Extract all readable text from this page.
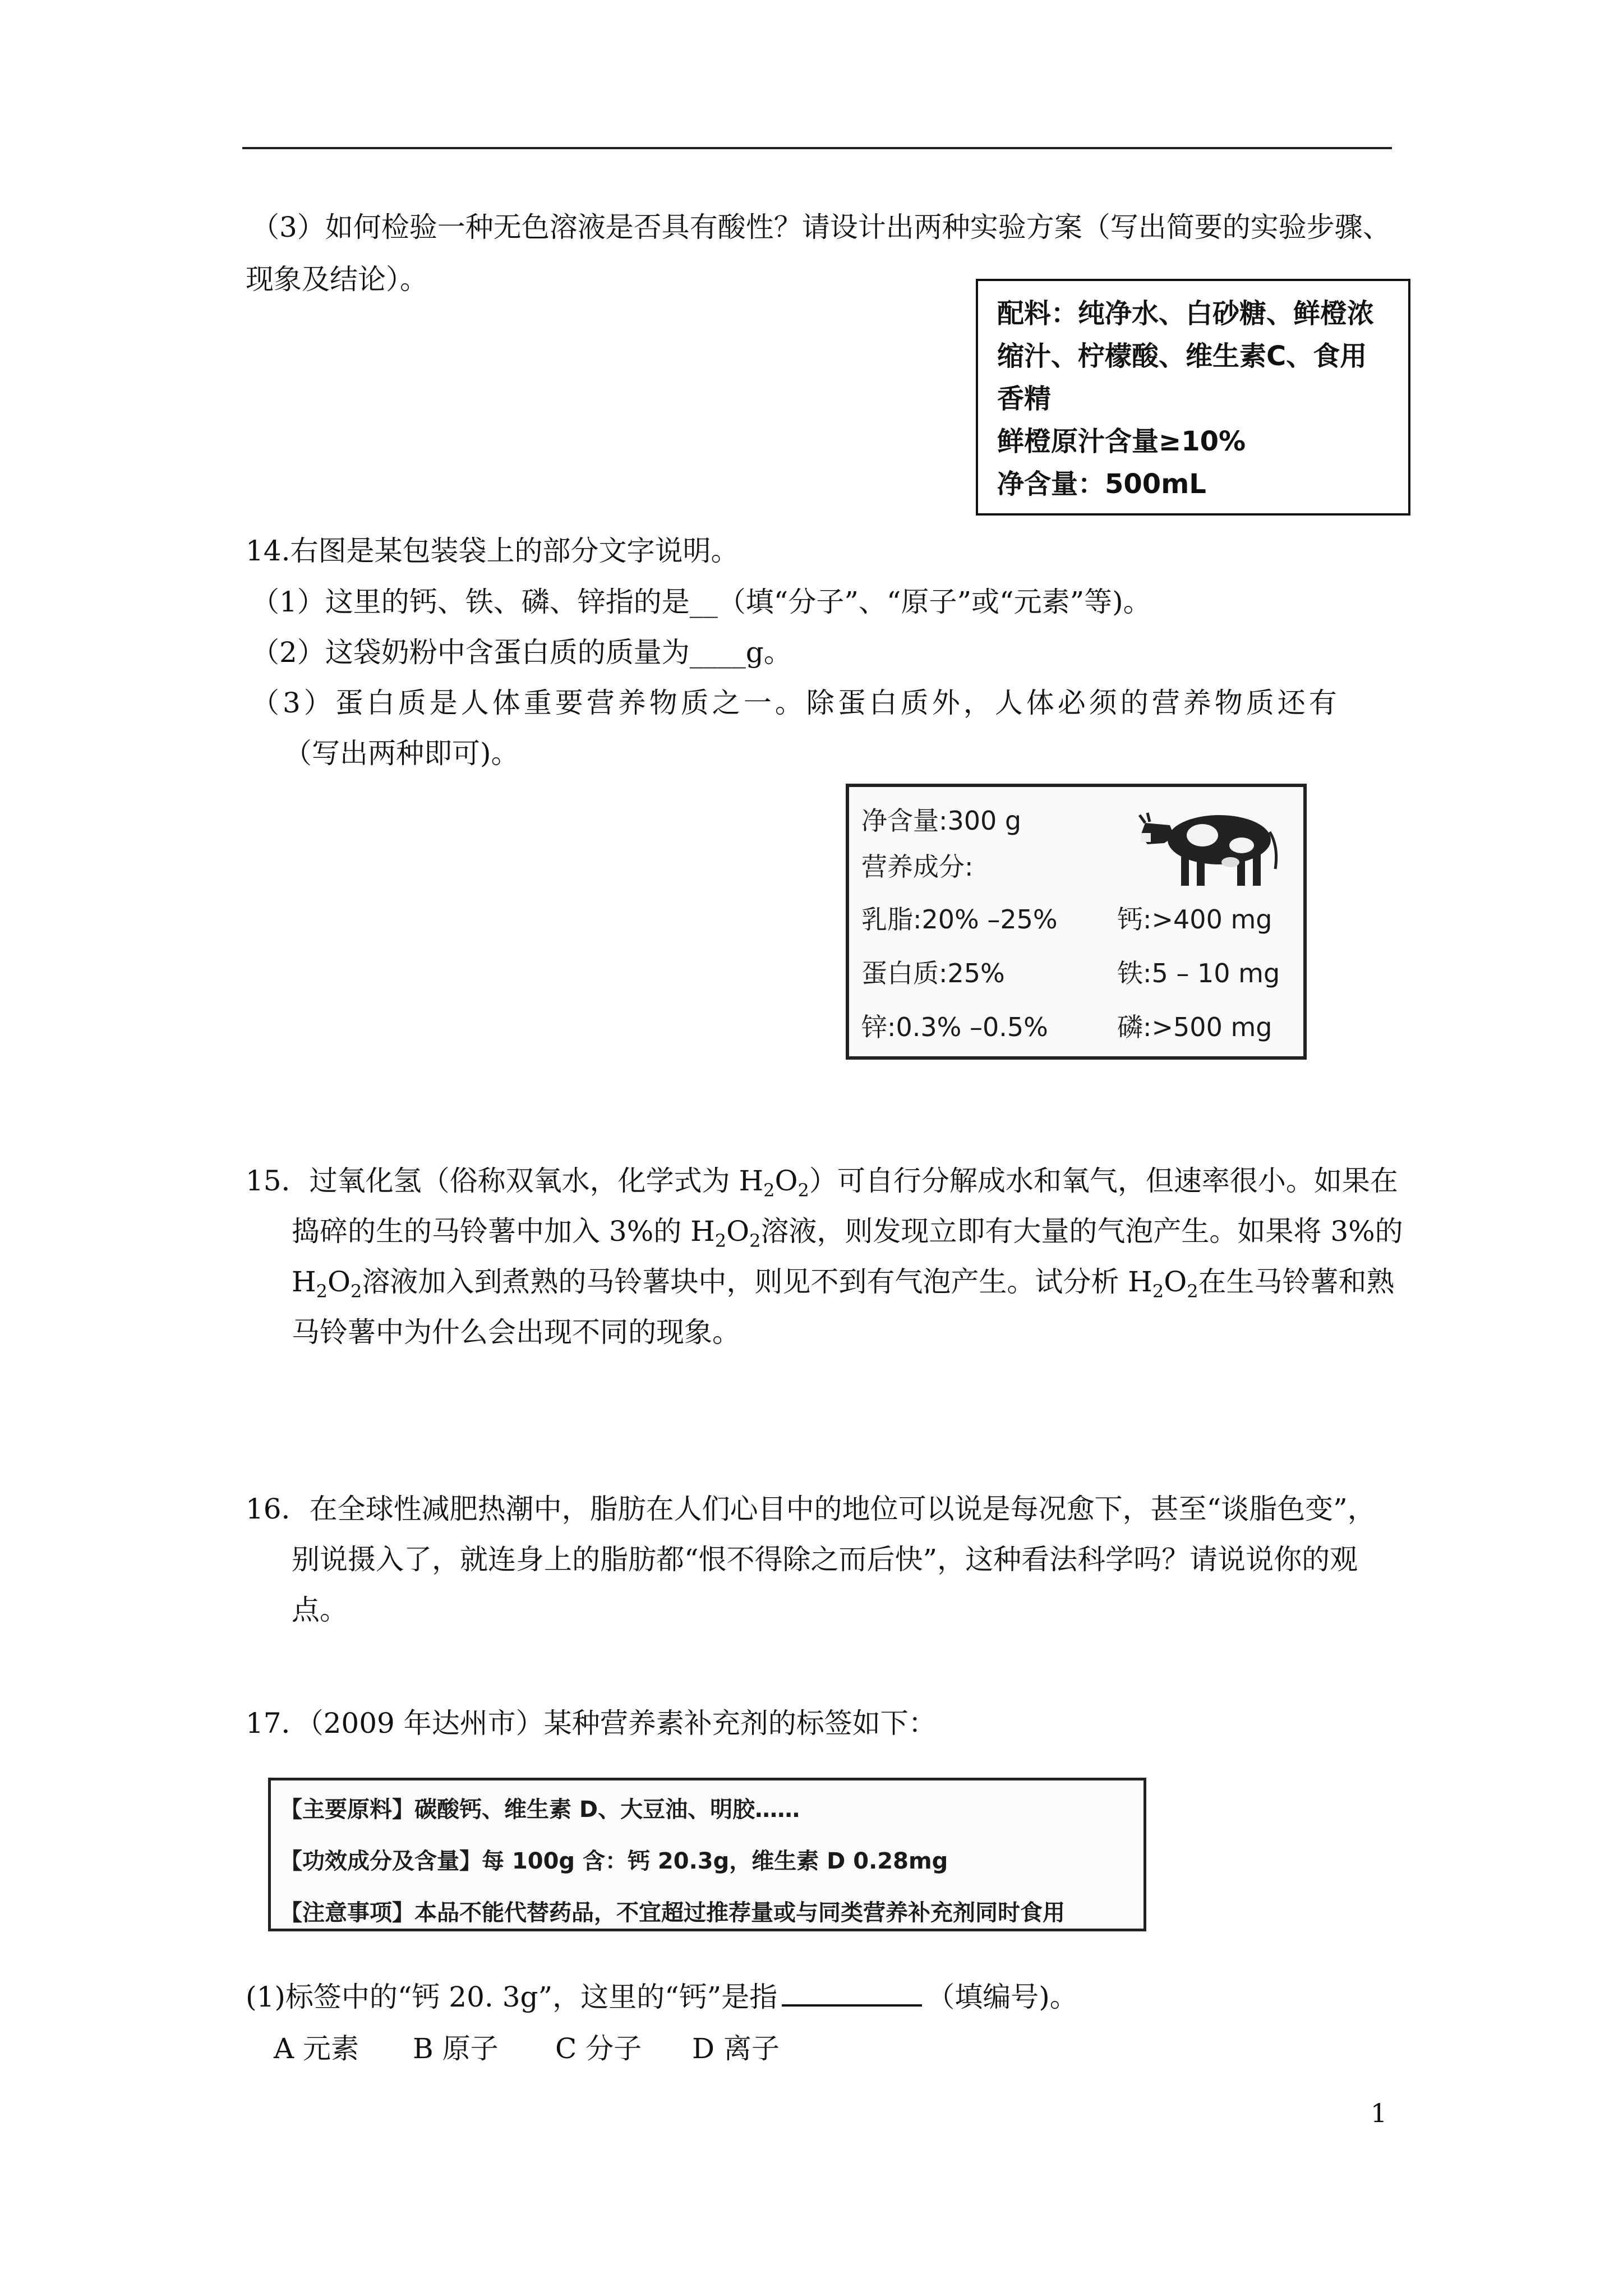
（3）如何检验一种无色溶液是否具有酸性？请设计出两种实验方案（写出简要的实验步骤、
现象及结论）。
配料：纯净水、白砂糖、鲜橙浓
缩汁、柠檬酸、维生素C、食用
香精
鲜橙原汁含量≥10%
净含量：500mL
14.右图是某包装袋上的部分文字说明。
（1）这里的钙、铁、磷、锌指的是__（填“分子”、“原子”或“元素”等)。
（2）这袋奶粉中含蛋白质的质量为____g。
（3）蛋白质是人体重要营养物质之一。除蛋白质外，人体必须的营养物质还有
（写出两种即可)。
净含量:300 g
营养成分:
乳脂:20% –25% 钙:>400 mg
蛋白质:25%	铁:5 – 10 mg
锌:0.3% –0.5%	磷:>500 mg
15．过氧化氢（俗称双氧水，化学式为 $H_2O_2$）可自行分解成水和氧气，但速率很小。如果在
捣碎的生的马铃薯中加入 3%的 $H_2O_2$溶液，则发现立即有大量的气泡产生。如果将 3%的
$H_2O_2$溶液加入到煮熟的马铃薯块中，则见不到有气泡产生。试分析 $H_2O_2$在生马铃薯和熟
马铃薯中为什么会出现不同的现象。
16．在全球性减肥热潮中，脂肪在人们心目中的地位可以说是每况愈下，甚至“谈脂色变”，
别说摄入了，就连身上的脂肪都“恨不得除之而后快”，这种看法科学吗？请说说你的观
点。
17．（2009 年达州市）某种营养素补充剂的标签如下：
【主要原料】碳酸钙、维生素 D、大豆油、明胶……
【功效成分及含量】每 100g 含：钙 20.3g，维生素 D 0.28mg
【注意事项】本品不能代替药品，不宜超过推荐量或与同类营养补充剂同时食用
(1)标签中的“钙 20. 3g”，这里的“钙”是指	（填编号)。
A 元素 B 原子 C 分子 D 离子
1
